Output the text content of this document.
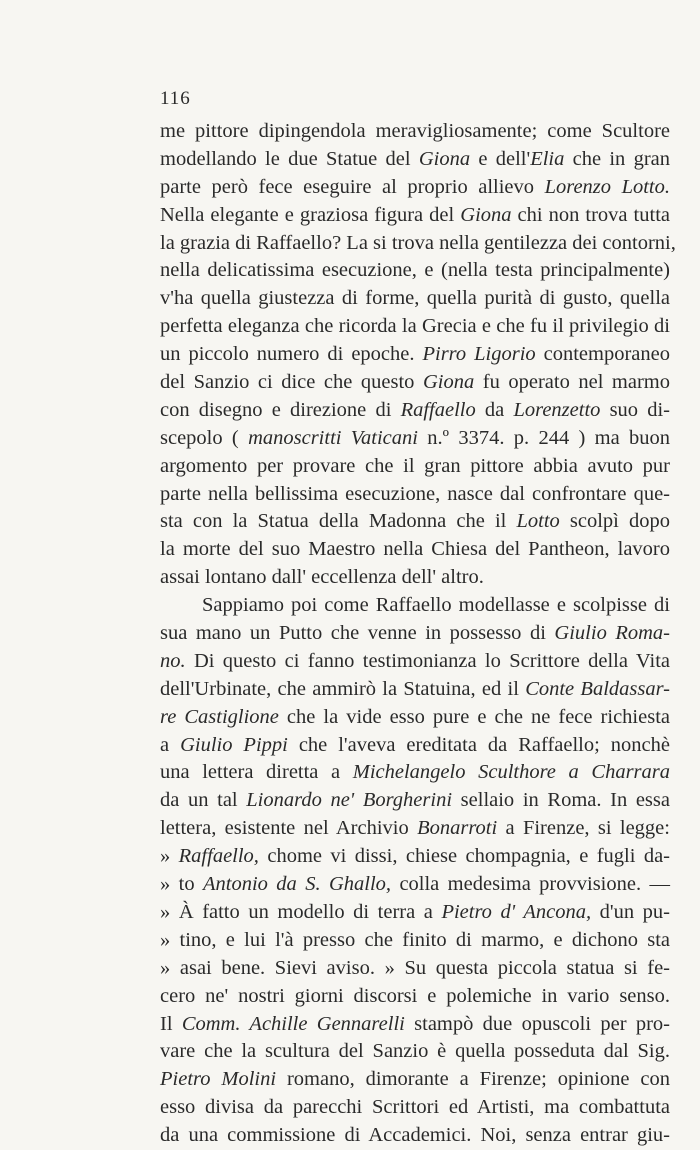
116
me pittore dipingendola meravigliosamente; come Scultore
modellando le due Statue del Giona e dell'Elia che in gran
parte però fece eseguire al proprio allievo Lorenzo Lotto.
Nella elegante e graziosa figura del Giona chi non trova tutta
la grazia di Raffaello? La si trova nella gentilezza dei contorni,
nella delicatissima esecuzione, e (nella testa principalmente)
v'ha quella giustezza di forme, quella purità di gusto, quella
perfetta eleganza che ricorda la Grecia e che fu il privilegio di
un piccolo numero di epoche. Pirro Ligorio contemporaneo
del Sanzio ci dice che questo Giona fu operato nel marmo
con disegno e direzione di Raffaello da Lorenzetto suo di-
scepolo ( manoscritti Vaticani n.º 3374. p. 244 ) ma buon
argomento per provare che il gran pittore abbia avuto pur
parte nella bellissima esecuzione, nasce dal confrontare que-
sta con la Statua della Madonna che il Lotto scolpì dopo
la morte del suo Maestro nella Chiesa del Pantheon, lavoro
assai lontano dall' eccellenza dell' altro.
Sappiamo poi come Raffaello modellasse e scolpisse di
sua mano un Putto che venne in possesso di Giulio Roma-
no. Di questo ci fanno testimonianza lo Scrittore della Vita
dell'Urbinate, che ammirò la Statuina, ed il Conte Baldassar-
re Castiglione che la vide esso pure e che ne fece richiesta
a Giulio Pippi che l'aveva ereditata da Raffaello; nonchè
una lettera diretta a Michelangelo Sculthore a Charrara
da un tal Lionardo ne' Borgherini sellaio in Roma. In essa
lettera, esistente nel Archivio Bonarroti a Firenze, si legge:
» Raffaello, chome vi dissi, chiese chompagnia, e fugli da-
» to Antonio da S. Ghallo, colla medesima provvisione. —
» À fatto un modello di terra a Pietro d' Ancona, d'un pu-
» tino, e lui l'à presso che finito di marmo, e dichono sta
» asai bene. Sievi aviso. » Su questa piccola statua si fe-
cero ne' nostri giorni discorsi e polemiche in vario senso.
Il Comm. Achille Gennarelli stampò due opuscoli per pro-
vare che la scultura del Sanzio è quella posseduta dal Sig.
Pietro Molini romano, dimorante a Firenze; opinione con
esso divisa da parecchi Scrittori ed Artisti, ma combattuta
da una commissione di Accademici. Noi, senza entrar giu-
